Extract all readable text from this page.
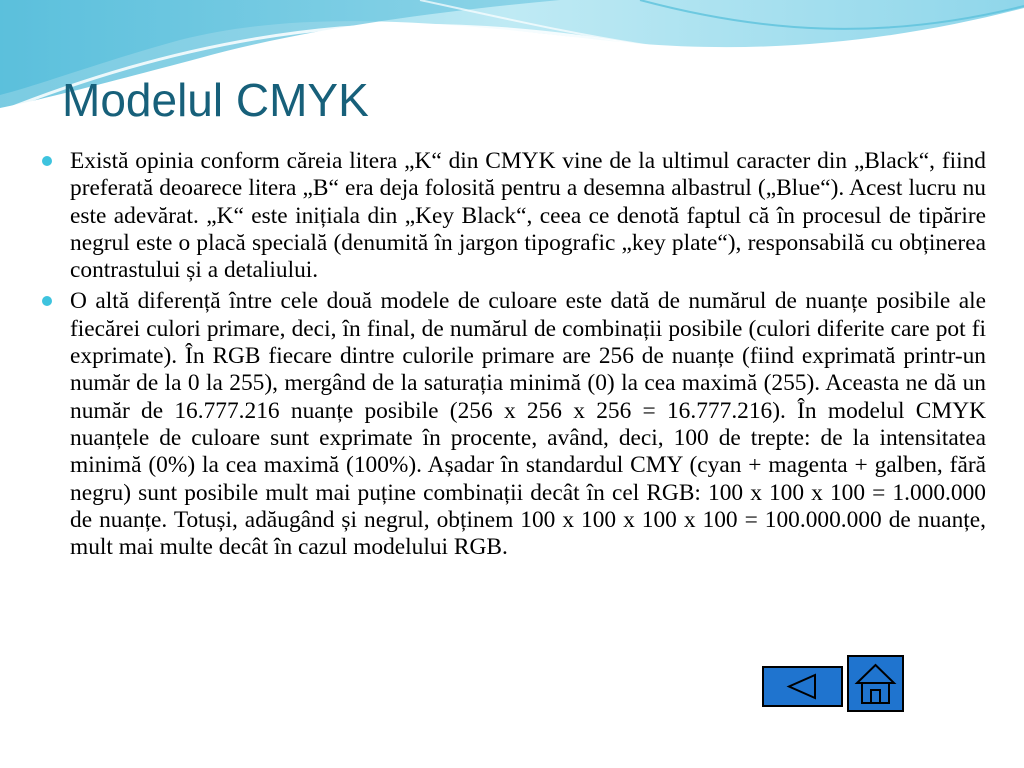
Modelul CMYK
Există opinia conform căreia litera „K“ din CMYK vine de la ultimul caracter din „Black“, fiind preferată deoarece litera „B“ era deja folosită pentru a desemna albastrul („Blue“). Acest lucru nu este adevărat. „K“ este inițiala din „Key Black“, ceea ce denotă faptul că în procesul de tipărire negrul este o placă specială (denumită în jargon tipografic „key plate“), responsabilă cu obținerea contrastului și a detaliului.
O altă diferență între cele două modele de culoare este dată de numărul de nuanțe posibile ale fiecărei culori primare, deci, în final, de numărul de combinații posibile (culori diferite care pot fi exprimate). În RGB fiecare dintre culorile primare are 256 de nuanțe (fiind exprimată printr-un număr de la 0 la 255), mergând de la saturația minimă (0) la cea maximă (255). Aceasta ne dă un număr de 16.777.216 nuanțe posibile (256 x 256 x 256 = 16.777.216). În modelul CMYK nuanțele de culoare sunt exprimate în procente, având, deci, 100 de trepte: de la intensitatea minimă (0%) la cea maximă (100%). Așadar în standardul CMY (cyan + magenta + galben, fără negru) sunt posibile mult mai puține combinații decât în cel RGB: 100 x 100 x 100 = 1.000.000 de nuanțe. Totuși, adăugând și negrul, obținem 100 x 100 x 100 x 100 = 100.000.000 de nuanțe, mult mai multe decât în cazul modelului RGB.
